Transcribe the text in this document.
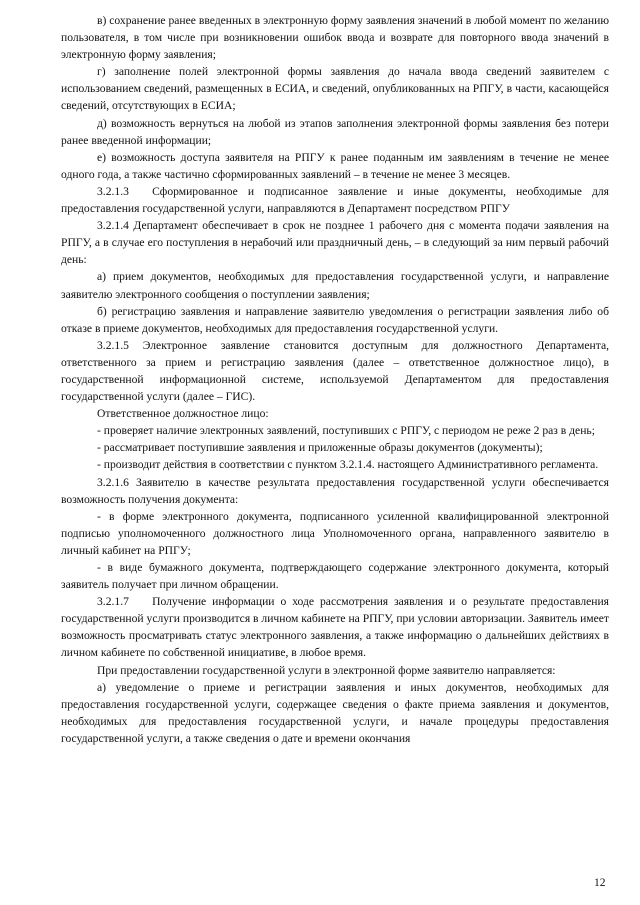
в) сохранение ранее введенных в электронную форму заявления значений в любой момент по желанию пользователя, в том числе при возникновении ошибок ввода и возврате для повторного ввода значений в электронную форму заявления;

г) заполнение полей электронной формы заявления до начала ввода сведений заявителем с использованием сведений, размещенных в ЕСИА, и сведений, опубликованных на РПГУ, в части, касающейся сведений, отсутствующих в ЕСИА;

д) возможность вернуться на любой из этапов заполнения электронной формы заявления без потери ранее введенной информации;

е) возможность доступа заявителя на РПГУ к ранее поданным им заявлениям в течение не менее одного года, а также частично сформированных заявлений – в течение не менее 3 месяцев.

3.2.1.3  Сформированное и подписанное заявление и иные документы, необходимые для предоставления государственной услуги, направляются в Департамент посредством РПГУ

3.2.1.4 Департамент обеспечивает в срок не позднее 1 рабочего дня с момента подачи заявления на РПГУ, а в случае его поступления в нерабочий или праздничный день, – в следующий за ним первый рабочий день:

а) прием документов, необходимых для предоставления государственной услуги, и направление заявителю электронного сообщения о поступлении заявления;

б) регистрацию заявления и направление заявителю уведомления о регистрации заявления либо об отказе в приеме документов, необходимых для предоставления государственной услуги.

3.2.1.5 Электронное заявление становится доступным для должностного Департамента, ответственного за прием и регистрацию заявления (далее – ответственное должностное лицо), в государственной информационной системе, используемой Департаментом для предоставления государственной услуги (далее – ГИС).

Ответственное должностное лицо:

- проверяет наличие электронных заявлений, поступивших с РПГУ, с периодом не реже 2 раз в день;

- рассматривает поступившие заявления и приложенные образы документов (документы);

- производит действия в соответствии с пунктом 3.2.1.4. настоящего Административного регламента.

3.2.1.6 Заявителю в качестве результата предоставления государственной услуги обеспечивается возможность получения документа:

- в форме электронного документа, подписанного усиленной квалифицированной электронной подписью уполномоченного должностного лица Уполномоченного органа, направленного заявителю в личный кабинет на РПГУ;

- в виде бумажного документа, подтверждающего содержание электронного документа, который заявитель получает при личном обращении.

3.2.1.7  Получение информации о ходе рассмотрения заявления и о результате предоставления государственной услуги производится в личном кабинете на РПГУ, при условии авторизации. Заявитель имеет возможность просматривать статус электронного заявления, а также информацию о дальнейших действиях в личном кабинете по собственной инициативе, в любое время.

При предоставлении государственной услуги в электронной форме заявителю направляется:

а) уведомление о приеме и регистрации заявления и иных документов, необходимых для предоставления государственной услуги, содержащее сведения о факте приема заявления и документов, необходимых для предоставления государственной услуги, и начале процедуры предоставления государственной услуги, а также сведения о дате и времени окончания

12
